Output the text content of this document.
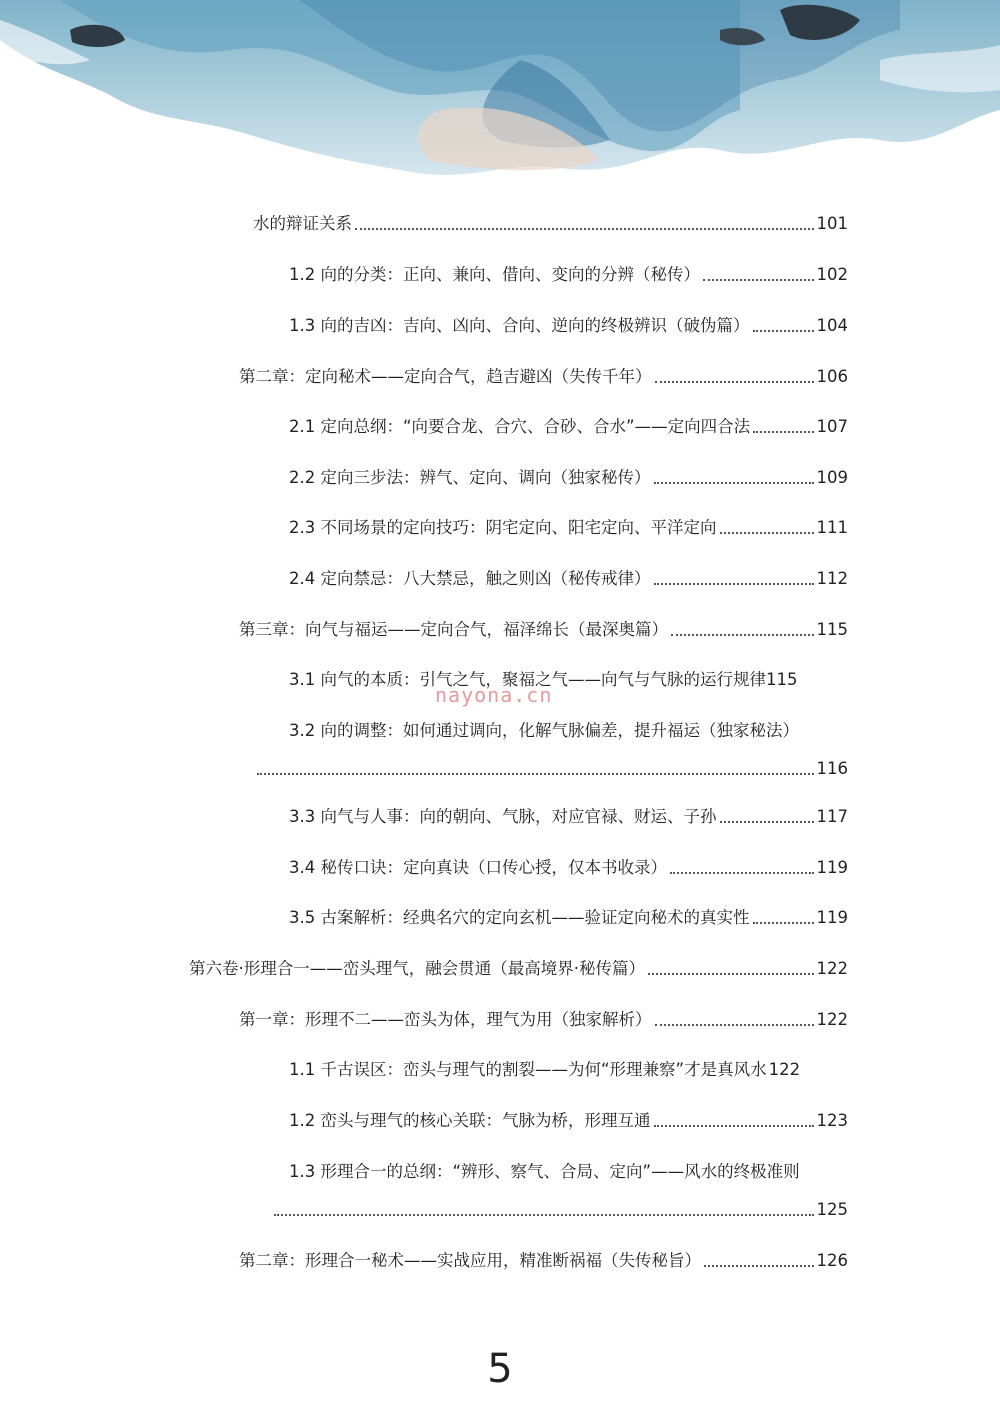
水的辩证关系	101
1.2 向的分类：正向、兼向、借向、变向的分辨（秘传）	102
1.3 向的吉凶：吉向、凶向、合向、逆向的终极辨识（破伪篇）	104
第二章：定向秘术——定向合气，趋吉避凶（失传千年）	106
2.1 定向总纲：“向要合龙、合穴、合砂、合水”——定向四合法	107
2.2 定向三步法：辨气、定向、调向（独家秘传）	109
2.3 不同场景的定向技巧：阴宅定向、阳宅定向、平洋定向	111
2.4 定向禁忌：八大禁忌，触之则凶（秘传戒律）	112
第三章：向气与福运——定向合气，福泽绵长（最深奥篇）	115
3.1 向气的本质：引气之气，聚福之气——向气与气脉的运行规律 115
3.2 向的调整：如何通过调向，化解气脉偏差，提升福运（独家秘法）
116
3.3 向气与人事：向的朝向、气脉，对应官禄、财运、子孙	117
3.4 秘传口诀：定向真诀（口传心授，仅本书收录）	119
3.5 古案解析：经典名穴的定向玄机——验证定向秘术的真实性	119
第六卷·形理合一——峦头理气，融会贯通（最高境界·秘传篇）	122
第一章：形理不二——峦头为体，理气为用（独家解析）	122
1.1 千古误区：峦头与理气的割裂——为何“形理兼察”才是真风水 122
1.2 峦头与理气的核心关联：气脉为桥，形理互通	123
1.3 形理合一的总纲：“辨形、察气、合局、定向”——风水的终极准则
125
第二章：形理合一秘术——实战应用，精准断祸福（失传秘旨）	126
nayona.cn
5
